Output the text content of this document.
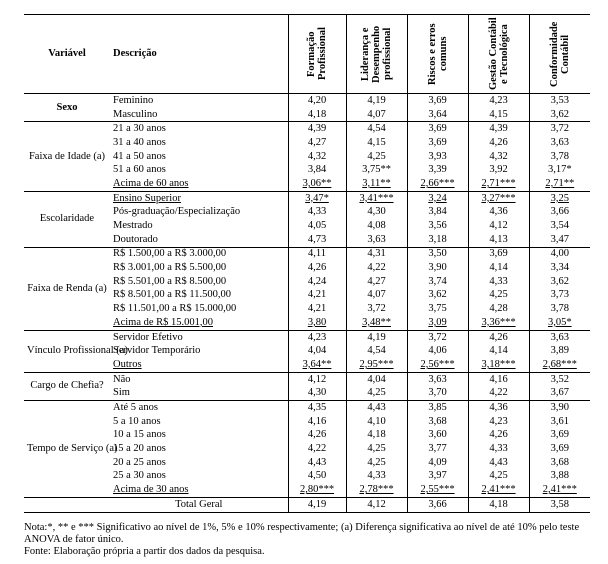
Variável	Descrição	Formação Profissional	Liderança e Desempenho profissional	Riscos e erros comuns	Gestão Contábil e Tecnológica	Conformidade Contábil

Sexo	Feminino	4,20	4,19	3,69	4,23	3,53
	Masculino	4,18	4,07	3,64	4,15	3,62
Faixa de Idade (a)	21 a 30 anos	4,39	4,54	3,69	4,39	3,72
	31 a 40 anos	4,27	4,15	3,69	4,26	3,63
	41 a 50 anos	4,32	4,25	3,93	4,32	3,78
	51 a 60 anos	3,84	3,75**	3,39	3,92	3,17*
	Acima de 60 anos	3,06**	3,11**	2,66***	2,71***	2,71**
Escolaridade	Ensino Superior	3,47*	3,41***	3,24	3,27***	3,25
	Pós-graduação/Especialização	4,33	4,30	3,84	4,36	3,66
	Mestrado	4,05	4,08	3,56	4,12	3,54
	Doutorado	4,73	3,63	3,18	4,13	3,47
Faixa de Renda (a)	R$ 1.500,00 a R$ 3.000,00	4,11	4,31	3,50	3,69	4,00
	R$ 3.001,00 a R$ 5.500,00	4,26	4,22	3,90	4,14	3,34
	R$ 5.501,00 a R$ 8.500,00	4,24	4,27	3,74	4,33	3,62
	R$ 8.501,00 a R$ 11.500,00	4,21	4,07	3,62	4,25	3,73
	R$ 11.501,00 a R$ 15.000,00	4,21	3,72	3,75	4,28	3,78
	Acima de R$ 15.001,00	3,80	3,48**	3,09	3,36***	3,05*
Vínculo Profissional (a)	Servidor Efetivo	4,23	4,19	3,72	4,26	3,63
	Servidor Temporário	4,04	4,54	4,06	4,14	3,89
	Outros	3,64**	2,95***	2,56***	3,18***	2,68***
Cargo de Chefia?	Não	4,12	4,04	3,63	4,16	3,52
	Sim	4,30	4,25	3,70	4,22	3,67
Tempo de Serviço (a)	Até 5 anos	4,35	4,43	3,85	4,36	3,90
	5 a 10 anos	4,16	4,10	3,68	4,23	3,61
	10 a 15 anos	4,26	4,18	3,60	4,26	3,69
	15 a 20 anos	4,22	4,25	3,77	4,33	3,69
	20 a 25 anos	4,43	4,25	4,09	4,43	3,68
	25 a 30 anos	4,50	4,33	3,97	4,25	3,88
	Acima de 30 anos	2,80***	2,78***	2,55***	2,41***	2,41***
	Total Geral	4,19	4,12	3,66	4,18	3,58

Nota:*, ** e *** Significativo ao nível de 1%, 5% e 10% respectivamente; (a) Diferença significativa ao nível de até 10% pelo teste ANOVA de fator único.

Fonte: Elaboração própria a partir dos dados da pesquisa.
